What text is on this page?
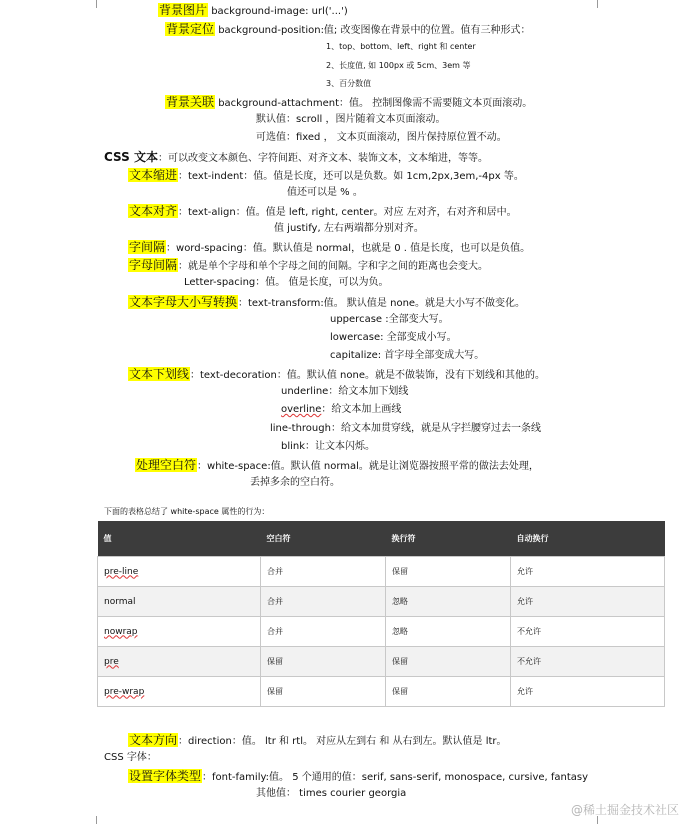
背景图片 background-image: url('...')
背景定位 background-position:值; 改变图像在背景中的位置。值有三种形式：
1、top、bottom、left、right 和 center
2、长度值, 如 100px 或 5cm、3em 等
3、百分数值
背景关联 background-attachment：值。 控制图像需不需要随文本页面滚动。
默认值：scroll ，图片随着文本页面滚动。
可选值：fixed ， 文本页面滚动，图片保持原位置不动。
CSS 文本：可以改变文本颜色、字符间距、对齐文本、装饰文本，文本缩进，等等。
文本缩进：text-indent：值。值是长度，还可以是负数。如 1cm,2px,3em,-4px 等。
值还可以是 % 。
文本对齐：text-align：值。值是 left, right, center。对应 左对齐，右对齐和居中。
值 justify, 左右两端都分别对齐。
字间隔：word-spacing：值。默认值是 normal，也就是 0 . 值是长度，也可以是负值。
字母间隔：就是单个字母和单个字母之间的间隔。字和字之间的距离也会变大。
Letter-spacing：值。 值是长度，可以为负。
文本字母大小写转换：text-transform:值。 默认值是 none。就是大小写不做变化。
uppercase :全部变大写。
lowercase: 全部变成小写。
capitalize: 首字母全部变成大写。
文本下划线：text-decoration：值。默认值 none。就是不做装饰，没有下划线和其他的。
underline：给文本加下划线
overline：给文本加上画线
line-through：给文本加贯穿线，就是从字拦腰穿过去一条线
blink：让文本闪烁。
处理空白符：white-space:值。默认值 normal。就是让浏览器按照平常的做法去处理，
丢掉多余的空白符。
下面的表格总结了 white-space 属性的行为：
值	空白符	换行符	自动换行
pre-line	合并	保留	允许
normal	合并	忽略	允许
nowrap	合并	忽略	不允许
pre	保留	保留	不允许
pre-wrap	保留	保留	允许
文本方向：direction：值。 ltr 和 rtl。 对应从左到右 和 从右到左。默认值是 ltr。
CSS 字体：
设置字体类型：font-family:值。 5 个通用的值：serif, sans-serif, monospace, cursive, fantasy
其他值： times courier georgia
@稀土掘金技术社区
